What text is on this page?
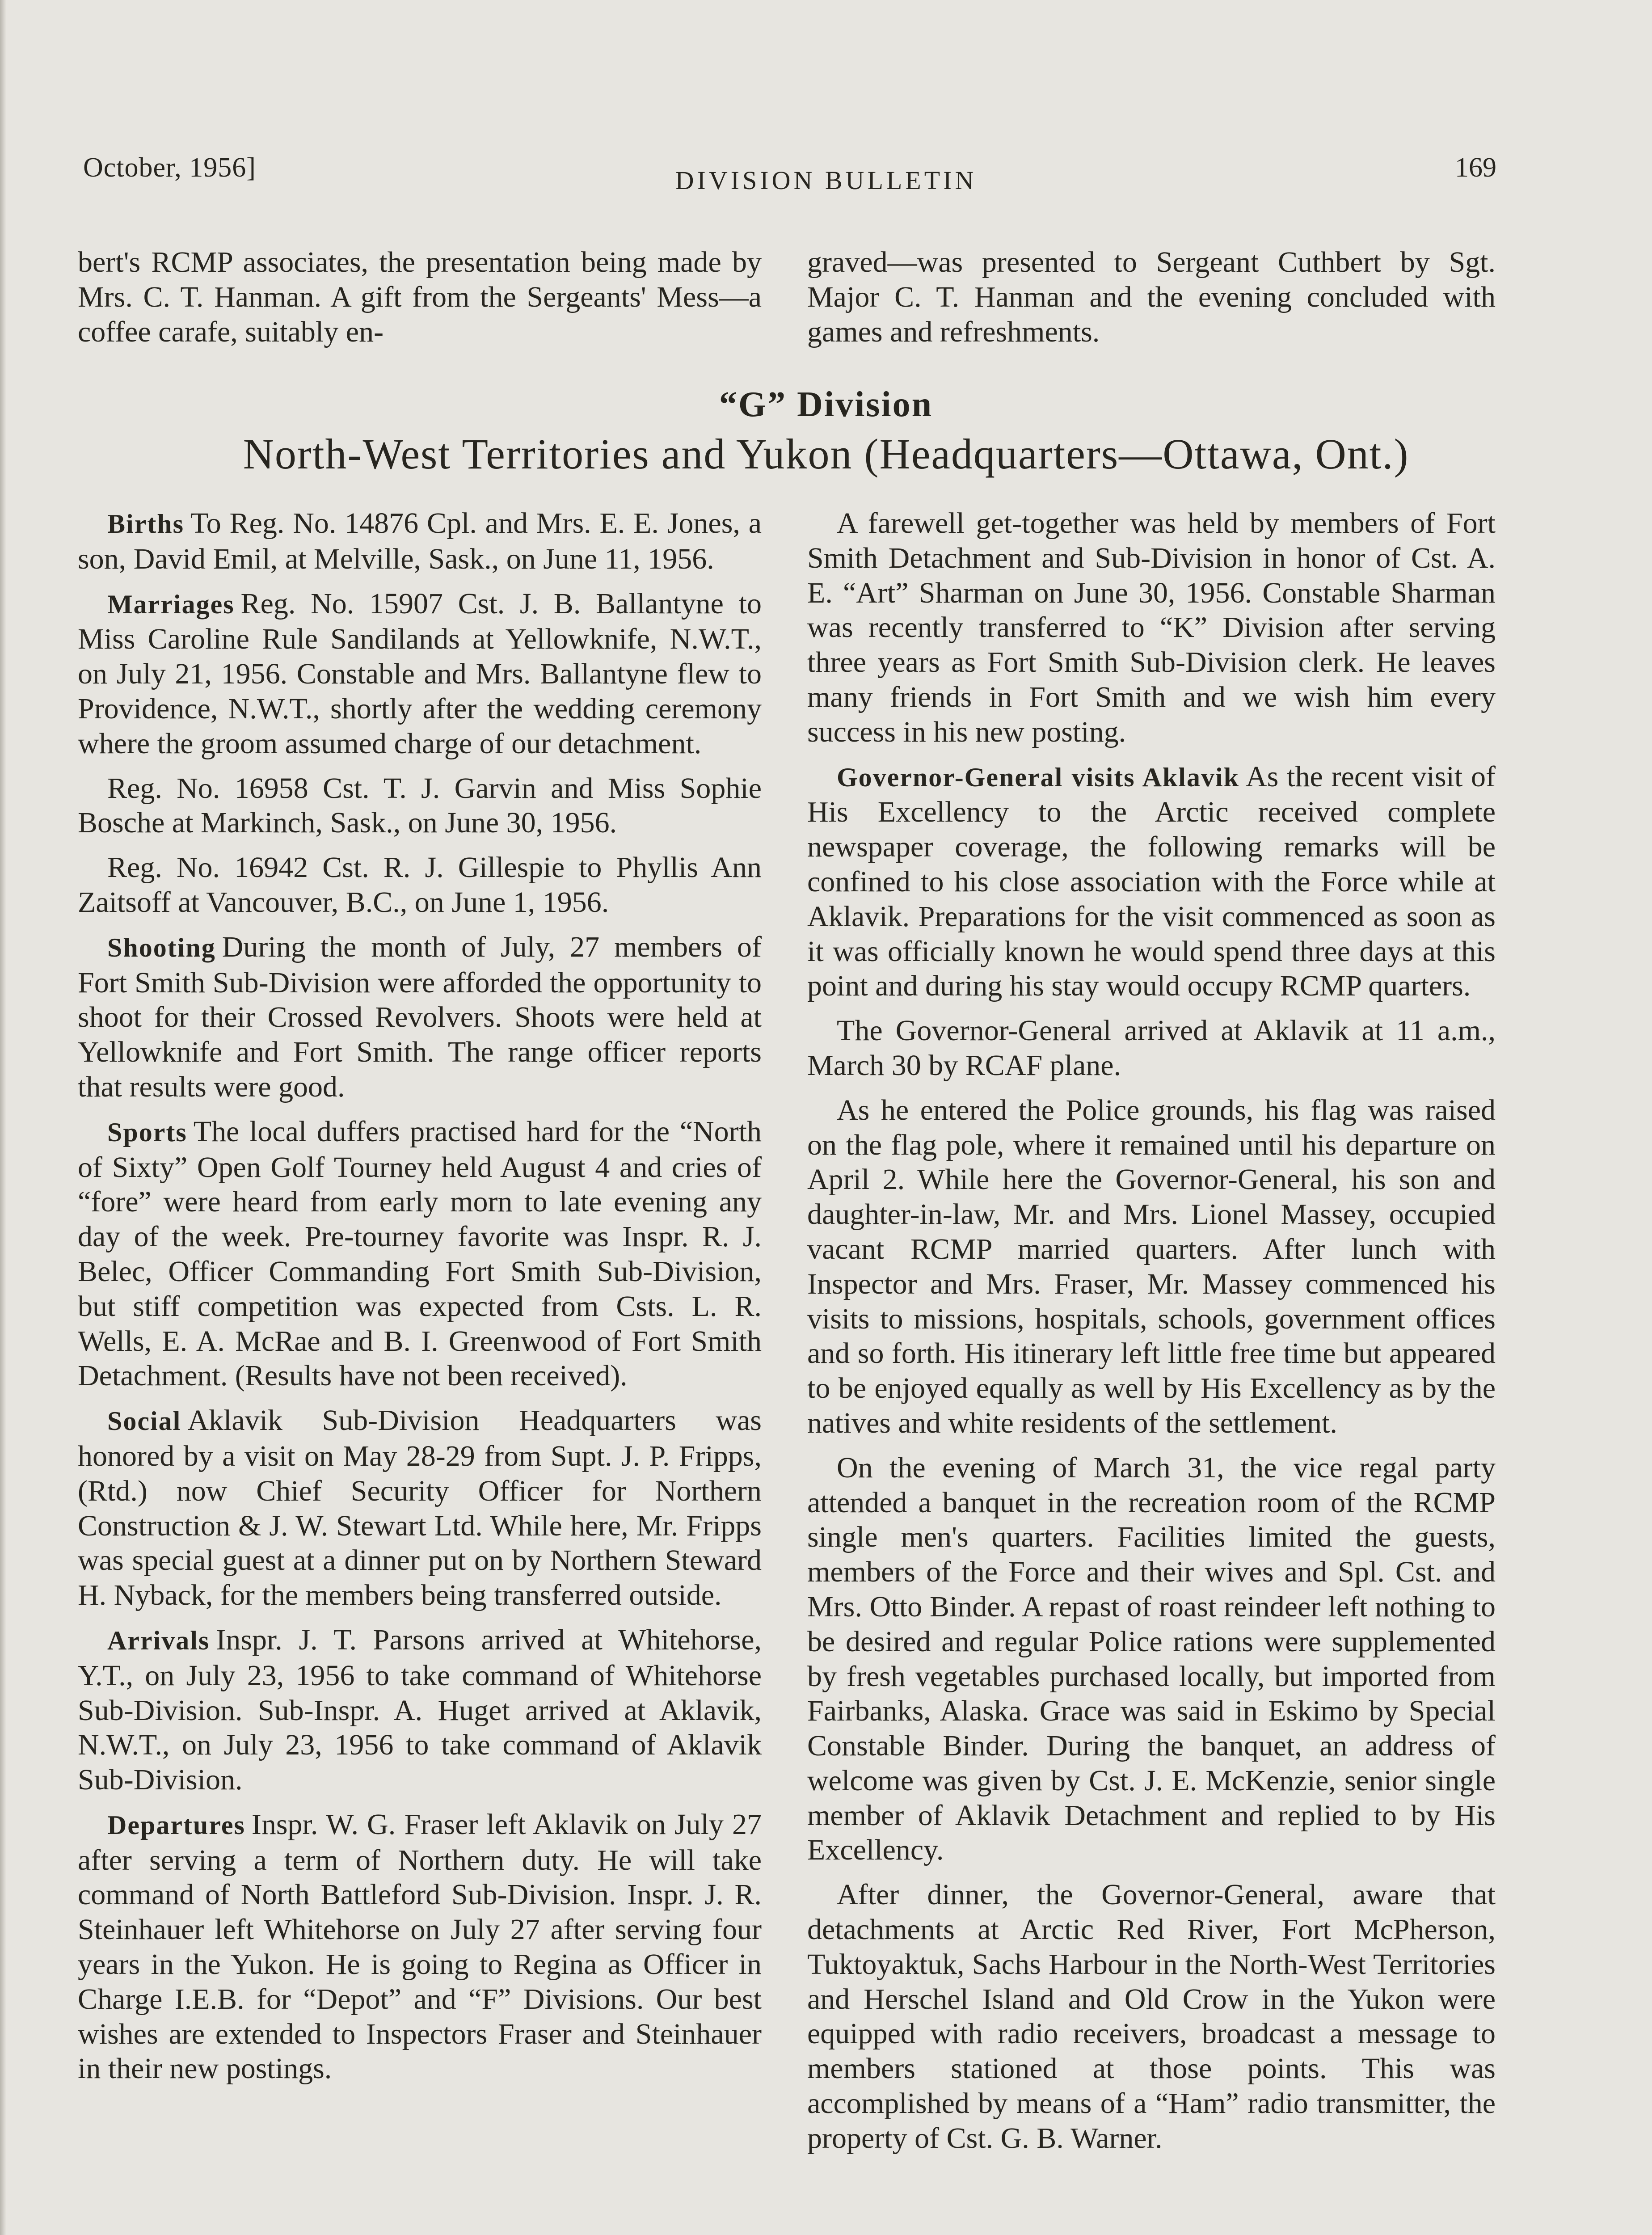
October, 1956]	DIVISION BULLETIN	169

bert's RCMP associates, the presentation being made by Mrs. C. T. Hanman. A gift from the Sergeants' Mess—a coffee carafe, suitably en-

graved—was presented to Sergeant Cuthbert by Sgt. Major C. T. Hanman and the evening concluded with games and refreshments.

“G” Division
North-West Territories and Yukon (Headquarters—Ottawa, Ont.)

Births To Reg. No. 14876 Cpl. and Mrs. E. E. Jones, a son, David Emil, at Melville, Sask., on June 11, 1956.

Marriages Reg. No. 15907 Cst. J. B. Ballantyne to Miss Caroline Rule Sandilands at Yellowknife, N.W.T., on July 21, 1956. Constable and Mrs. Ballantyne flew to Providence, N.W.T., shortly after the wedding ceremony where the groom assumed charge of our detachment.

Reg. No. 16958 Cst. T. J. Garvin and Miss Sophie Bosche at Markinch, Sask., on June 30, 1956.

Reg. No. 16942 Cst. R. J. Gillespie to Phyllis Ann Zaitsoff at Vancouver, B.C., on June 1, 1956.

Shooting During the month of July, 27 members of Fort Smith Sub-Division were afforded the opportunity to shoot for their Crossed Revolvers. Shoots were held at Yellowknife and Fort Smith. The range officer reports that results were good.

Sports The local duffers practised hard for the “North of Sixty” Open Golf Tourney held August 4 and cries of “fore” were heard from early morn to late evening any day of the week. Pre-tourney favorite was Inspr. R. J. Belec, Officer Commanding Fort Smith Sub-Division, but stiff competition was expected from Csts. L. R. Wells, E. A. McRae and B. I. Greenwood of Fort Smith Detachment. (Results have not been received).

Social Aklavik Sub-Division Headquarters was honored by a visit on May 28-29 from Supt. J. P. Fripps, (Rtd.) now Chief Security Officer for Northern Construction & J. W. Stewart Ltd. While here, Mr. Fripps was special guest at a dinner put on by Northern Steward H. Nyback, for the members being transferred outside.

Arrivals Inspr. J. T. Parsons arrived at Whitehorse, Y.T., on July 23, 1956 to take command of Whitehorse Sub-Division. Sub-Inspr. A. Huget arrived at Aklavik, N.W.T., on July 23, 1956 to take command of Aklavik Sub-Division.

Departures Inspr. W. G. Fraser left Aklavik on July 27 after serving a term of Northern duty. He will take command of North Battleford Sub-Division. Inspr. J. R. Steinhauer left Whitehorse on July 27 after serving four years in the Yukon. He is going to Regina as Officer in Charge I.E.B. for “Depot” and “F” Divisions. Our best wishes are extended to Inspectors Fraser and Steinhauer in their new postings.

A farewell get-together was held by members of Fort Smith Detachment and Sub-Division in honor of Cst. A. E. “Art” Sharman on June 30, 1956. Constable Sharman was recently transferred to “K” Division after serving three years as Fort Smith Sub-Division clerk. He leaves many friends in Fort Smith and we wish him every success in his new posting.

Governor-General visits Aklavik As the recent visit of His Excellency to the Arctic received complete newspaper coverage, the following remarks will be confined to his close association with the Force while at Aklavik. Preparations for the visit commenced as soon as it was officially known he would spend three days at this point and during his stay would occupy RCMP quarters.

The Governor-General arrived at Aklavik at 11 a.m., March 30 by RCAF plane.

As he entered the Police grounds, his flag was raised on the flag pole, where it remained until his departure on April 2. While here the Governor-General, his son and daughter-in-law, Mr. and Mrs. Lionel Massey, occupied vacant RCMP married quarters. After lunch with Inspector and Mrs. Fraser, Mr. Massey commenced his visits to missions, hospitals, schools, government offices and so forth. His itinerary left little free time but appeared to be enjoyed equally as well by His Excellency as by the natives and white residents of the settlement.

On the evening of March 31, the vice regal party attended a banquet in the recreation room of the RCMP single men's quarters. Facilities limited the guests, members of the Force and their wives and Spl. Cst. and Mrs. Otto Binder. A repast of roast reindeer left nothing to be desired and regular Police rations were supplemented by fresh vegetables purchased locally, but imported from Fairbanks, Alaska. Grace was said in Eskimo by Special Constable Binder. During the banquet, an address of welcome was given by Cst. J. E. McKenzie, senior single member of Aklavik Detachment and replied to by His Excellency.

After dinner, the Governor-General, aware that detachments at Arctic Red River, Fort McPherson, Tuktoyaktuk, Sachs Harbour in the North-West Territories and Herschel Island and Old Crow in the Yukon were equipped with radio receivers, broadcast a message to members stationed at those points. This was accomplished by means of a “Ham” radio transmitter, the property of Cst. G. B. Warner.
